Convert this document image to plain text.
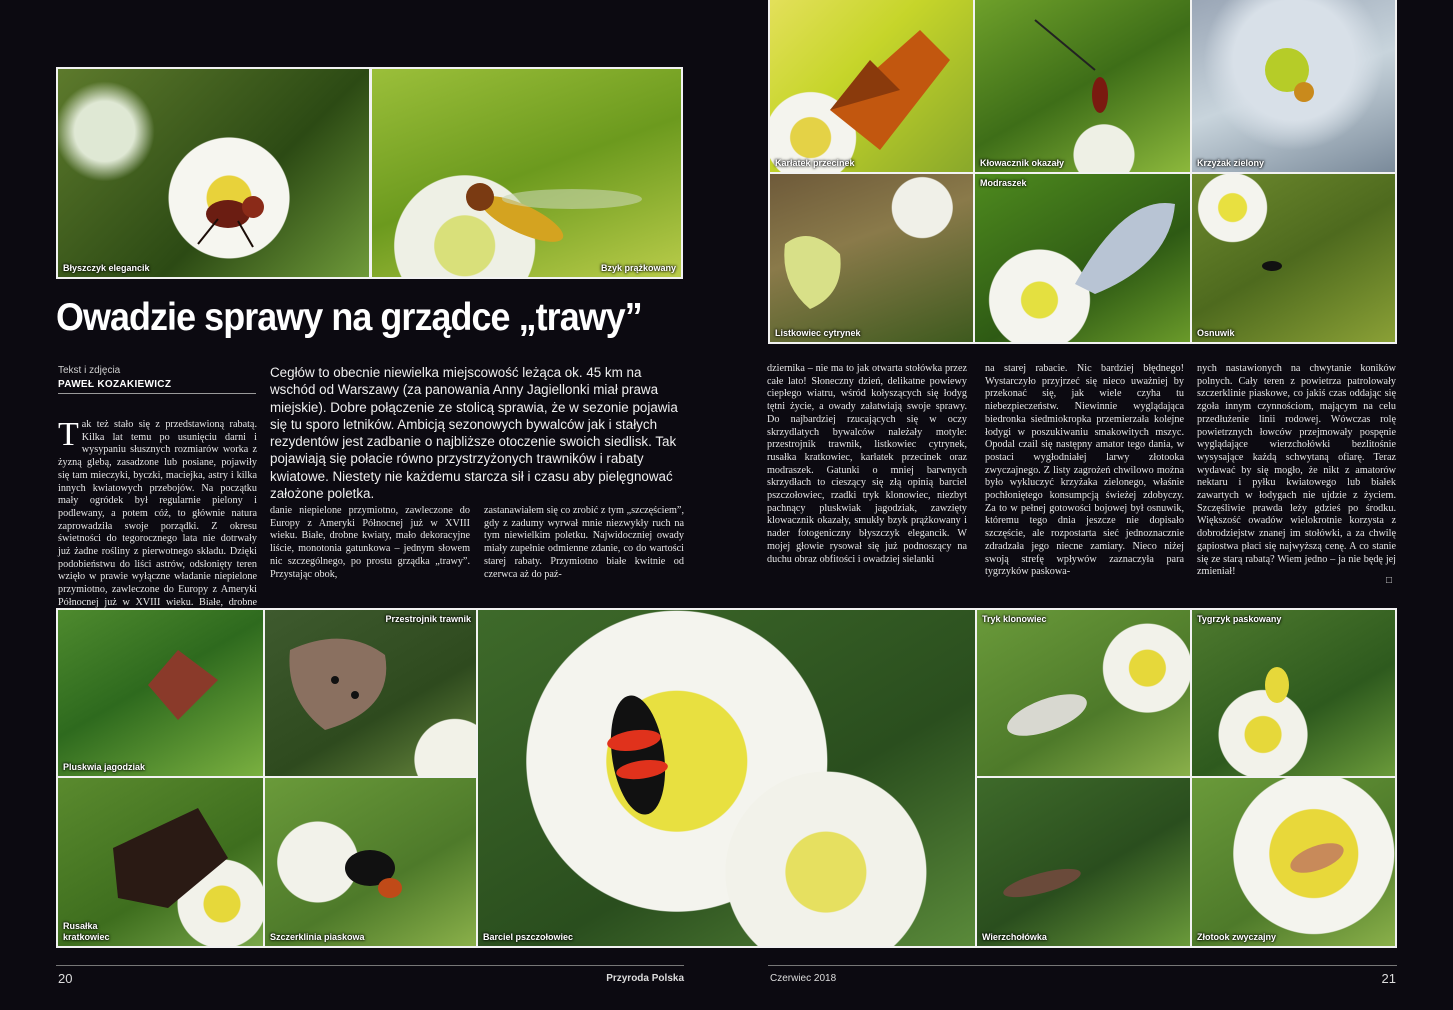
Błyszczyk elegancik	Bzyk prążkowany
Owadzie sprawy na grządce „trawy”
Tekst i zdjęcia
PAWEŁ KOZAKIEWICZ
Cegłów to obecnie niewielka miejscowość leżąca ok. 45 km na wschód od Warszawy (za panowania Anny Jagiellonki miał prawa miejskie). Dobre połączenie ze stolicą sprawia, że w sezonie pojawia się tu sporo letników. Ambicją sezonowych bywalców jak i stałych rezydentów jest zadbanie o najbliższe otoczenie swoich siedlisk. Tak pojawiają się połacie równo przystrzyżonych trawników i rabaty kwiatowe. Niestety nie każdemu starcza sił i czasu aby pielęgnować założone poletka.
T ak też stało się z przedstawioną rabatą. Kilka lat temu po usunięciu darni i wysypaniu słusznych rozmiarów worka z żyzną glebą, zasadzone lub posiane, pojawiły się tam mieczyki, byczki, maciejka, astry i kilka innych kwiatowych przebojów. Na początku mały ogródek był regularnie pielony i podlewany, a potem cóż, to głównie natura zaprowadziła swoje porządki. Z okresu świetności do tegorocznego lata nie dotrwały już żadne rośliny z pierwotnego składu. Dzięki podobieństwu do liści astrów, odsłonięty teren wzięło w prawie wyłączne władanie niepielone przymiotno, zawleczone do Europy z Ameryki Północnej już w XVIII wieku. Białe, drobne

danie niepielone przymiotno, zawleczone do Europy z Ameryki Północnej już w XVIII wieku. Białe, drobne kwiaty, mało dekoracyjne liście, monotonia gatunkowa – jednym słowem nic szczególnego, po prostu grządka „trawy”. Przystając obok,

zastanawiałem się co zrobić z tym „szczęściem”, gdy z zadumy wyrwał mnie niezwykły ruch na tym niewielkim poletku. Najwidoczniej owady miały zupełnie odmienne zdanie, co do wartości starej rabaty. Przymiotno białe kwitnie od czerwca aż do paź-

Karłatek przecinek	Kłowacznik okazały	Krzyżak zielony
Listkowiec cytrynek
Modraszek
Osnuwik

dziernika – nie ma to jak otwarta stołówka przez całe lato! Słoneczny dzień, delikatne powiewy ciepłego wiatru, wśród kołyszących się łodyg tętni życie, a owady załatwiają swoje sprawy. Do najbardziej rzucających się w oczy skrzydlatych bywalców należały motyle: przestrojnik trawnik, listkowiec cytrynek, rusałka kratkowiec, karłatek przecinek oraz modraszek. Gatunki o mniej barwnych skrzydłach to cieszący się złą opinią barciel pszczołowiec, rzadki tryk klonowiec, niezbyt pachnący pluskwiak jagodziak, zawzięty klowacznik okazały, smukły bzyk prążkowany i nader fotogeniczny błyszczyk elegancik. W mojej głowie rysował się już podnoszący na duchu obraz obfitości i owadziej sielanki

na starej rabacie. Nic bardziej błędnego! Wystarczyło przyjrzeć się nieco uważniej by przekonać się, jak wiele czyha tu niebezpieczeństw. Niewinnie wyglądająca biedronka siedmiokropka przemierzała kolejne łodygi w poszukiwaniu smakowitych mszyc. Opodal czail się następny amator tego dania, w postaci wygłodniałej larwy złotooka zwyczajnego. Z listy zagrożeń chwilowo można było wykluczyć krzyżaka zielonego, właśnie pochłoniętego konsumpcją świeżej zdobyczy. Za to w pełnej gotowości bojowej był osnuwik, któremu tego dnia jeszcze nie dopisało szczęście, ale rozpostarta sieć jednoznacznie zdradzała jego niecne zamiary. Nieco niżej swoją strefę wpływów zaznaczyła para tygrzyków paskowa-

nych nastawionych na chwytanie koników polnych. Cały teren z powietrza patrolowały szczerklinie piaskowe, co jakiś czas oddając się zgoła innym czynnościom, mającym na celu przedłużenie linii rodowej. Wówczas rolę powietrznych łowców przejmowały pospęnie wyglądające wierzchołówki bezlitośnie wysysające każdą schwytaną ofiarę. Teraz wydawać by się mogło, że nikt z amatorów nektaru i pyłku kwiatowego lub białek zawartych w łodygach nie ujdzie z życiem. Szczęśliwie prawda leży gdzieś po środku. Większość owadów wielokrotnie korzysta z dobrodziejstw znanej im stołówki, a za chwilę gapiostwa płaci się najwyższą cenę. A co stanie się ze starą rabatą? Wiem jedno – ja nie będę jej zmieniał!

□
Pluskwia jagodziak
Przestrojnik trawnik
Rusałka
kratkowiec	Szczerklinia piaskowa	Barciel pszczołowiec
Tryk klonowiec	Tygrzyk paskowany
Wierzchołówka	Złotook zwyczajny
20	Przyroda Polska	Czerwiec 2018	21
